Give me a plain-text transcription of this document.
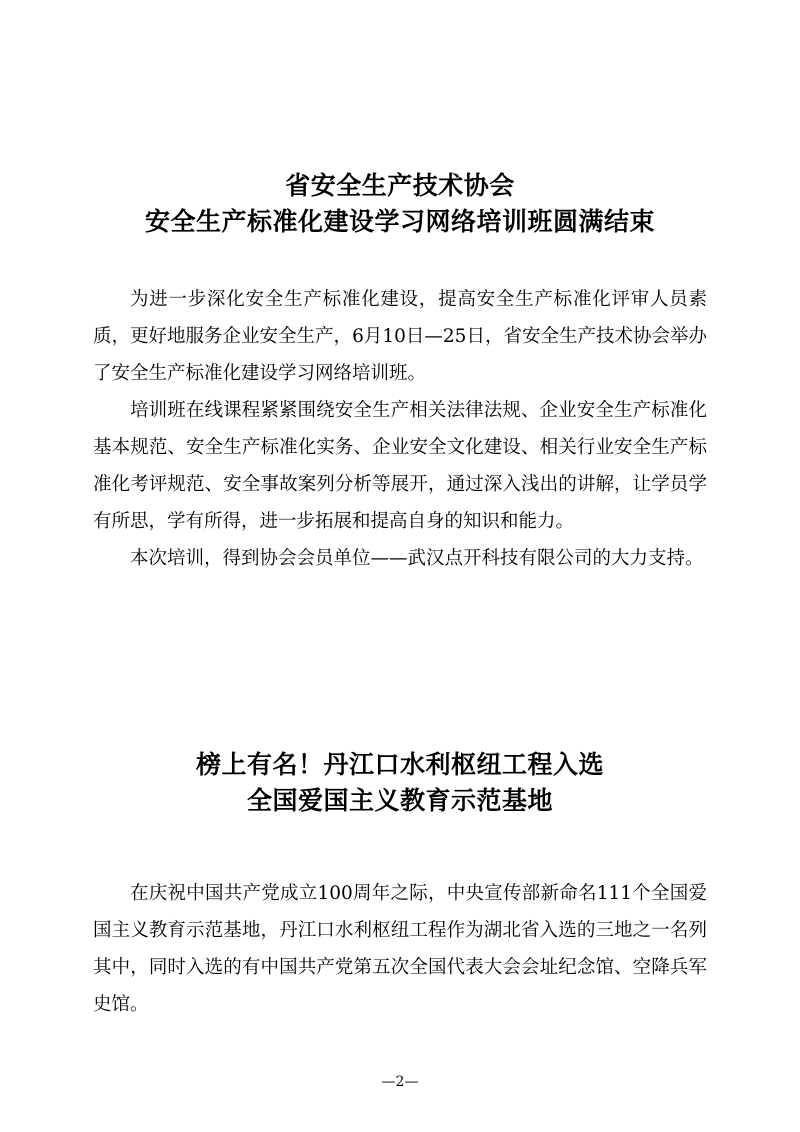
省安全生产技术协会
安全生产标准化建设学习网络培训班圆满结束

为进一步深化安全生产标准化建设，提高安全生产标准化评审人员素质，更好地服务企业安全生产，6月10日—25日，省安全生产技术协会举办了安全生产标准化建设学习网络培训班。

培训班在线课程紧紧围绕安全生产相关法律法规、企业安全生产标准化基本规范、安全生产标准化实务、企业安全文化建设、相关行业安全生产标准化考评规范、安全事故案列分析等展开，通过深入浅出的讲解，让学员学有所思，学有所得，进一步拓展和提高自身的知识和能力。

本次培训，得到协会会员单位——武汉点开科技有限公司的大力支持。

榜上有名！丹江口水利枢纽工程入选
全国爱国主义教育示范基地

在庆祝中国共产党成立100周年之际，中央宣传部新命名111个全国爱国主义教育示范基地，丹江口水利枢纽工程作为湖北省入选的三地之一名列其中，同时入选的有中国共产党第五次全国代表大会会址纪念馆、空降兵军史馆。

—2—
